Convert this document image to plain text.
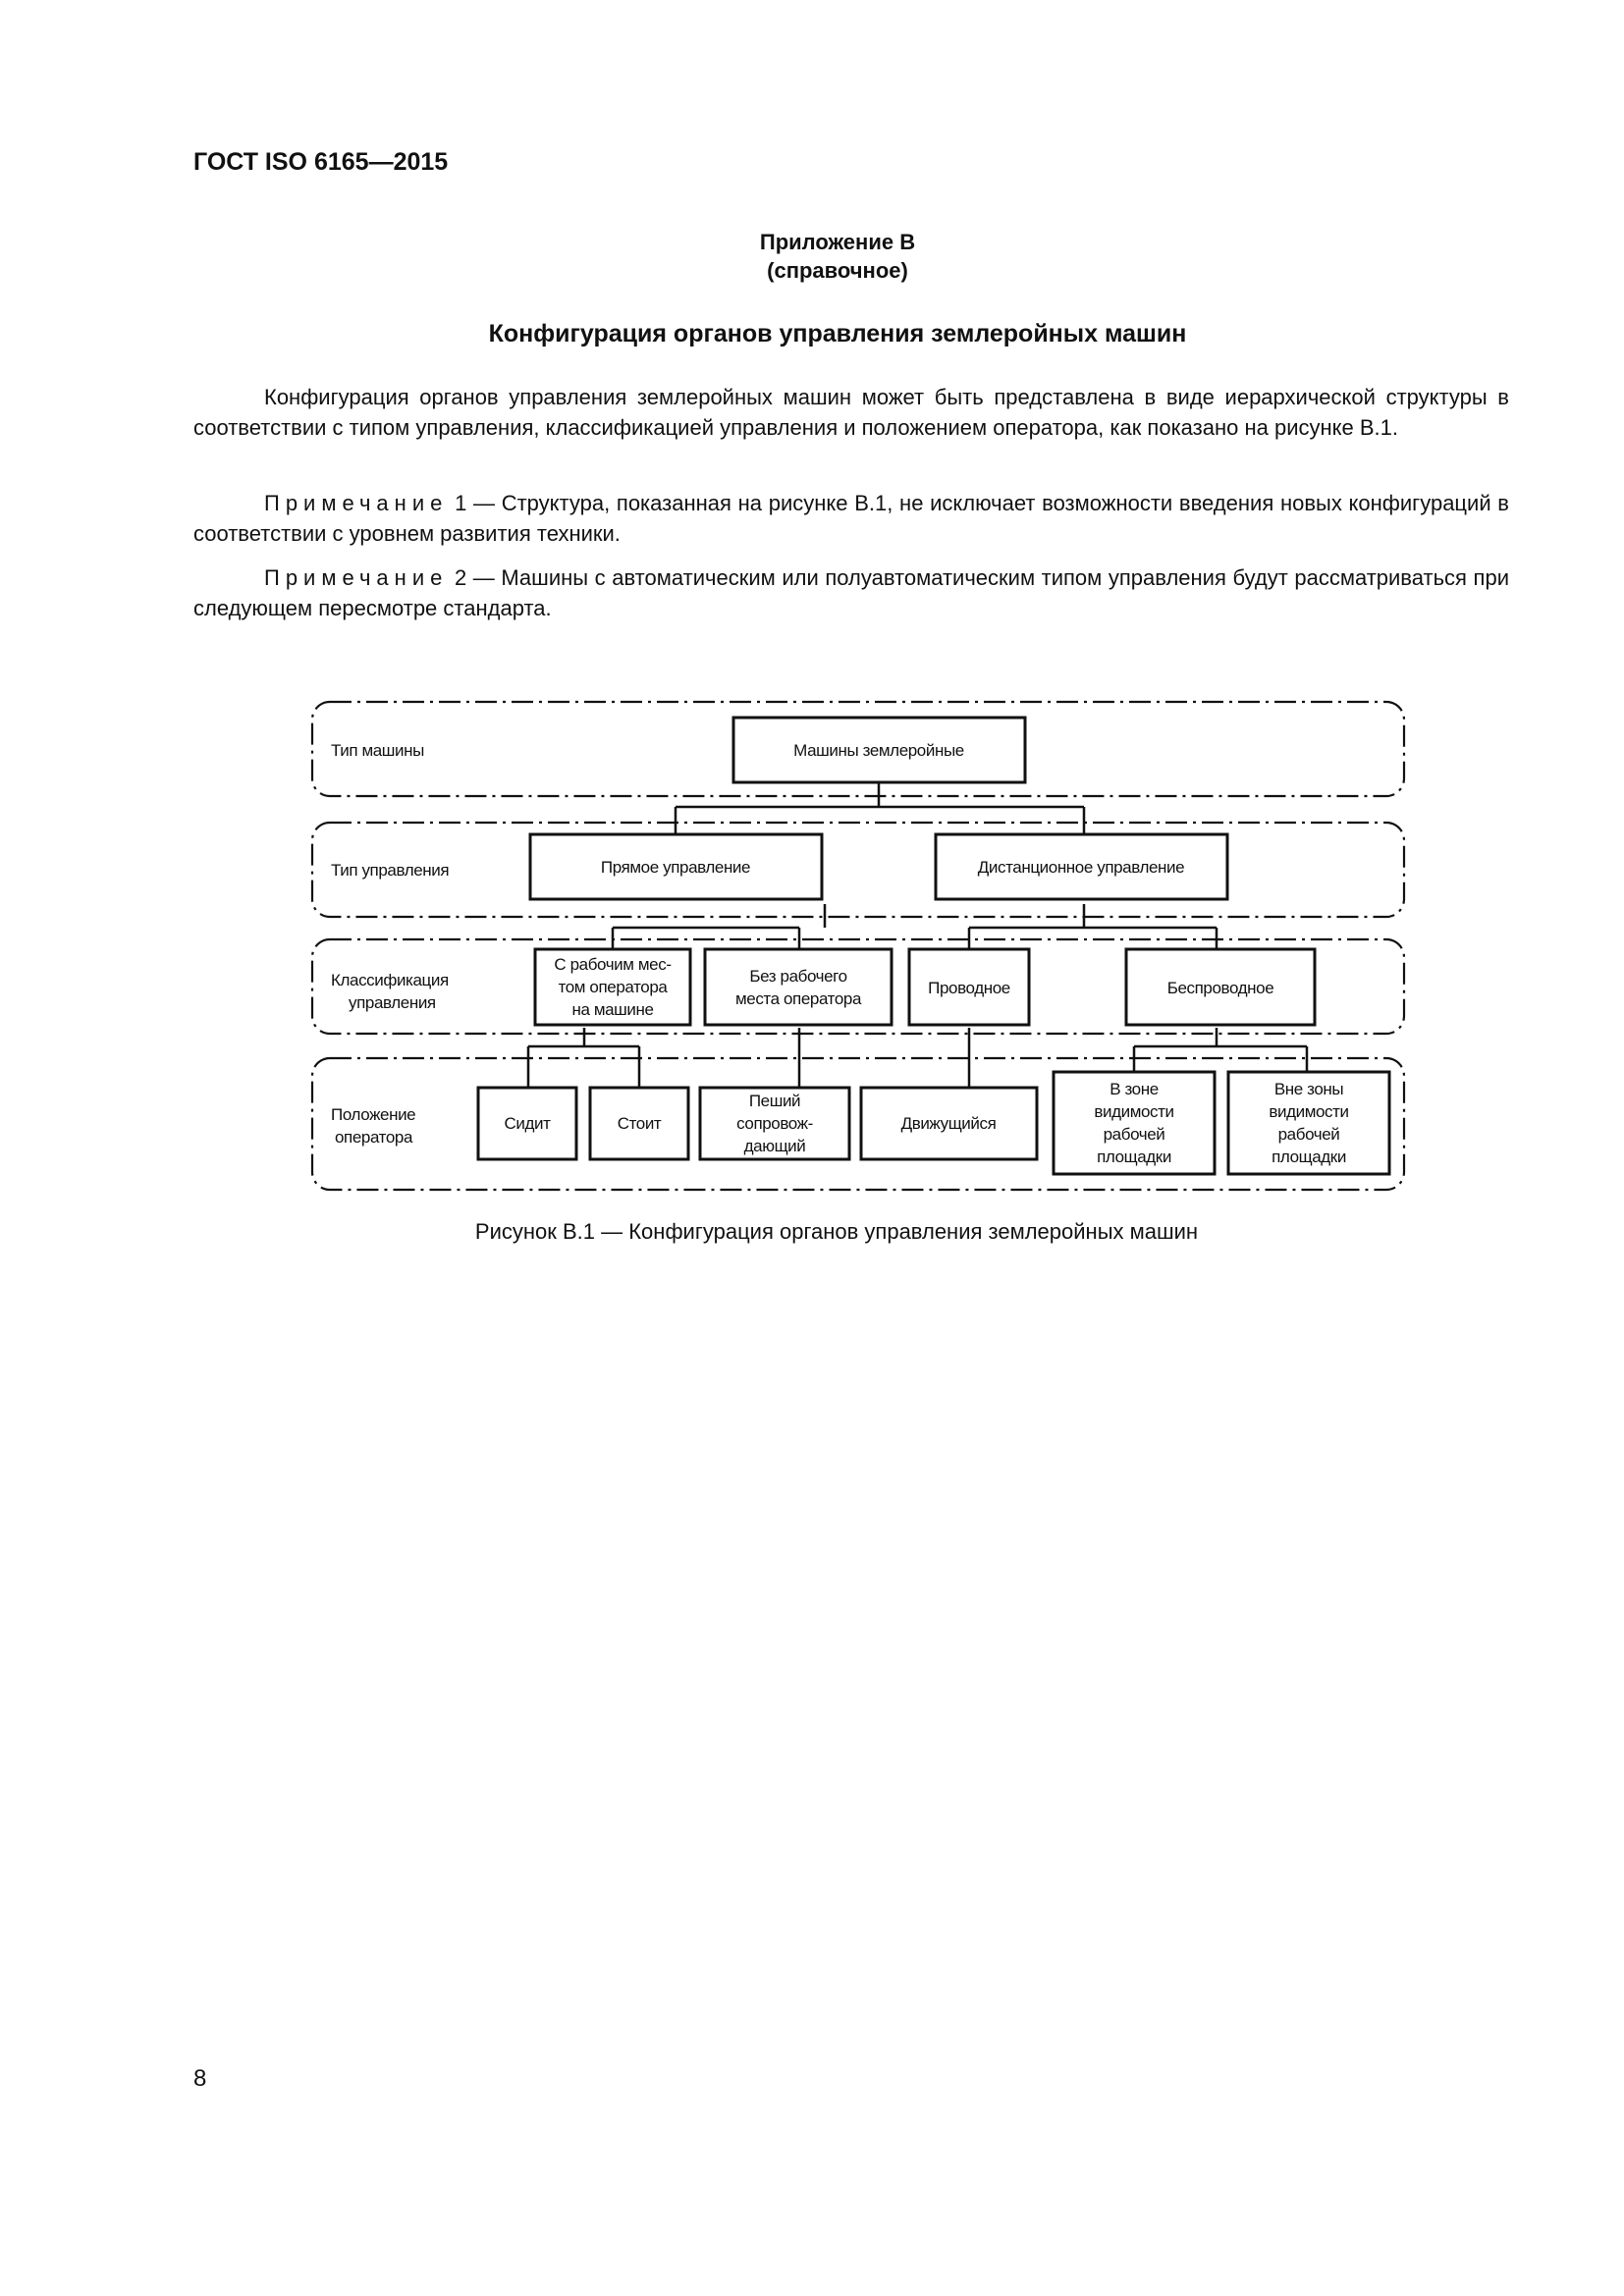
ГОСТ ISO 6165—2015
Приложение В
(справочное)
Конфигурация органов управления землеройных машин
Конфигурация органов управления землеройных машин может быть представлена в виде иерархической структуры в соответствии с типом управления, классификацией управления и положением оператора, как показано на рисунке В.1.
Примечание 1 — Структура, показанная на рисунке В.1, не исключает возможности введения новых конфигураций в соответствии с уровнем развития техники.
Примечание 2 — Машины с автоматическим или полуавтоматическим типом управления будут рассматриваться при следующем пересмотре стандарта.
Тип машины
Тип управления
Классификация
управления
Положение
оператора
Машины землеройные
Прямое управление	Дистанционное управление
С рабочим мес-
том оператора
на машине
Без рабочего
места оператора
Проводное	Беспроводное
Сидит	Стоит
Пеший
сопровож-
дающий
Движущийся
В зоне
видимости
рабочей
площадки
Вне зоны
видимости
рабочей
площадки
Рисунок В.1 — Конфигурация органов управления землеройных машин
8
